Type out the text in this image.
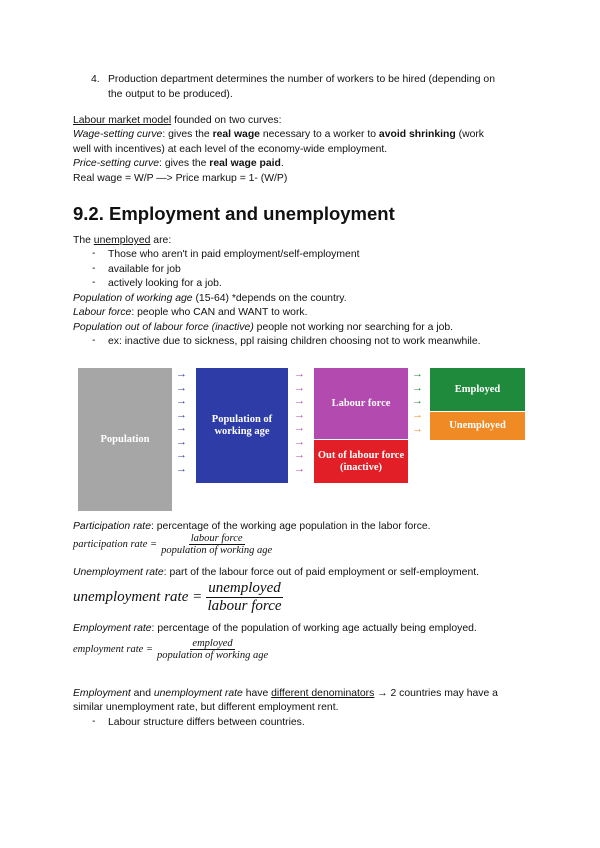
4. Production department determines the number of workers to be hired (depending on
the output to be produced).
Labour market model founded on two curves:
Wage-setting curve: gives the real wage necessary to a worker to avoid shrinking (work
well with incentives) at each level of the economy-wide employment.
Price-setting curve: gives the real wage paid.
Real wage = W/P —> Price markup = 1- (W/P)
9.2. Employment and unemployment
The unemployed are:
- Those who aren't in paid employment/self-employment
- available for job
- actively looking for a job.
Population of working age (15-64) *depends on the country.
Labour force: people who CAN and WANT to work.
Population out of labour force (inactive) people not working nor searching for a job.
- ex: inactive due to sickness, ppl raising children choosing not to work meanwhile.
Population
→
→
→
→
→
→
→
→
Population of working age
→
→
→
→
→
→
→
→
Labour force
Out of labour force (inactive)
→
→
→
→
→
Employed
Unemployed
Participation rate: percentage of the working age population in the labor force.
participation rate = $\frac{\text{labour force}}{\text{population of working age}}$
Unemployment rate: part of the labour force out of paid employment or self-employment.
unemployment rate = $\frac{\text{unemployed}}{\text{labour force}}$
Employment rate: percentage of the population of working age actually being employed.
employment rate = $\frac{\text{employed}}{\text{population of working age}}$
Employment and unemployment rate have different denominators → 2 countries may have a
similar unemployment rate, but different employment rent.
- Labour structure differs between countries.
